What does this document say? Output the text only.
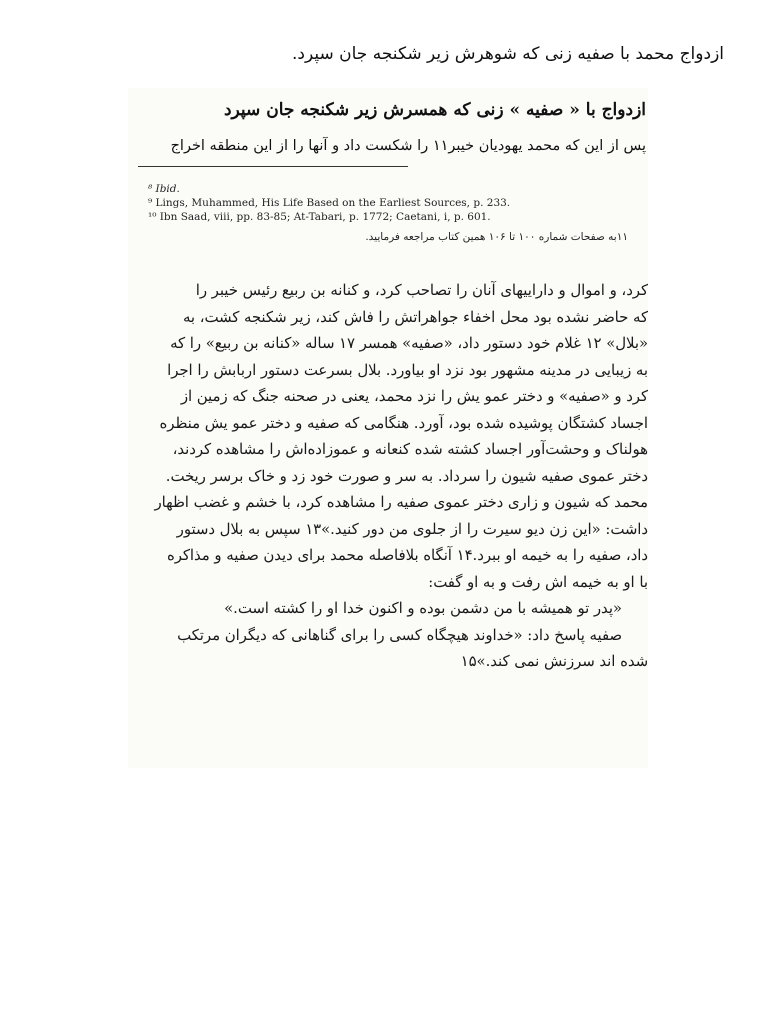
ازدواج محمد با صفیه زنی که شوهرش زیر شکنجه جان سپرد.
ازدواج با « صفیه » زنی که همسرش زیر شکنجه جان سپرد
پس از این که محمد یهودیان خیبر۱۱ را شکست داد و آنها را از این منطقه اخراج
⁸ Ibid.
⁹ Lings, Muhammed, His Life Based on the Earliest Sources, p. 233.
¹⁰ Ibn Saad, viii, pp. 83-85; At-Tabari, p. 1772; Caetani, i, p. 601.
۱۱به صفحات شماره ۱۰۰ تا ۱۰۶ همین کتاب مراجعه فرمایید.

کرد، و اموال و داراییهای آنان را تصاحب کرد، و کنانه بن ربیع رئیس خیبر را

که حاضر نشده بود محل اخفاء جواهراتش را فاش کند، زیر شکنجه کشت، به

«بلال» ۱۲ غلام خود دستور داد، «صفیه» همسر ۱۷ ساله «کنانه بن ربیع» را که

به زیبایی در مدینه مشهور بود نزد او بیاورد. بلال بسرعت دستور اربابش را اجرا

کرد و «صفیه» و دختر عمو یش را نزد محمد، یعنی در صحنه جنگ که زمین از

اجساد کشتگان پوشیده شده بود، آورد. هنگامی که صفیه و دختر عمو یش منظره

هولناک و وحشت‌آور اجساد کشته شده کنعانه و عموزاده‌اش را مشاهده کردند،

دختر عموی صفیه شیون را سرداد. به سر و صورت خود زد و خاک برسر ریخت.

محمد که شیون و زاری دختر عموی صفیه را مشاهده کرد، با خشم و غضب اظهار

داشت: «این زن دیو سیرت را از جلوی من دور کنید.»۱۳ سپس به بلال دستور

داد، صفیه را به خیمه او ببرد.۱۴ آنگاه بلافاصله محمد برای دیدن صفیه و مذاکره

با او به خیمه اش رفت و به او گفت:

«پدر تو همیشه با من دشمن بوده و اکنون خدا او را کشته است.»

صفیه پاسخ داد: «خداوند هیچگاه کسی را برای گناهانی که دیگران مرتکب

شده اند سرزنش نمی کند.»۱۵
